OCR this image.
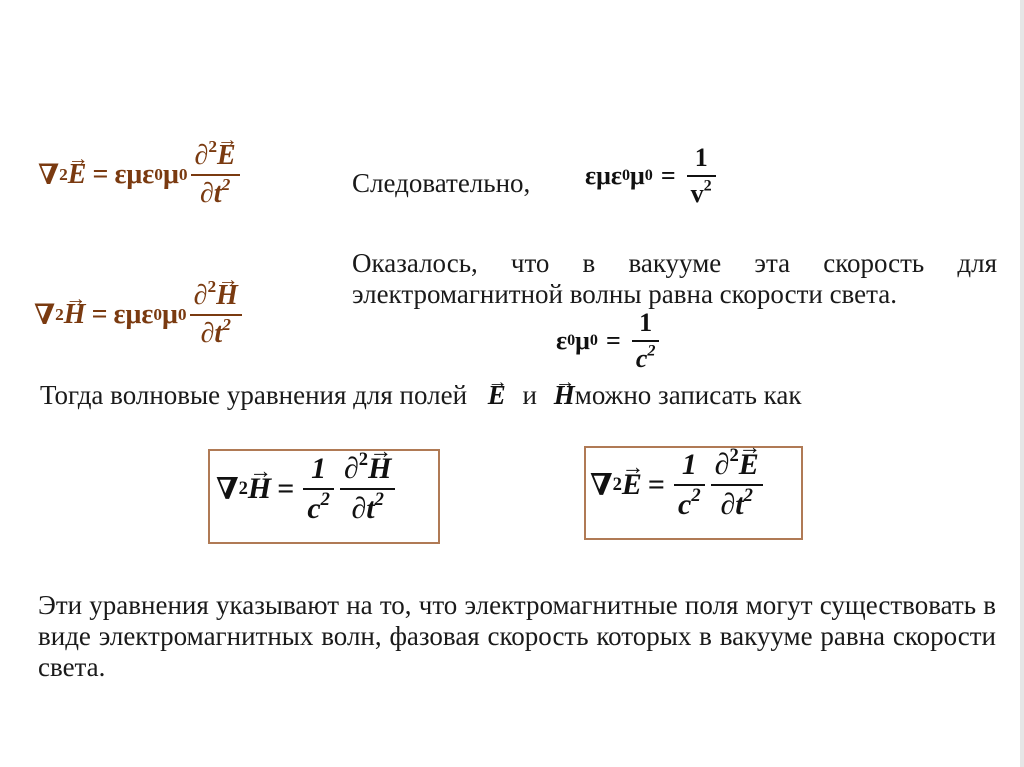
∇ 2
→ E = εμε 0 μ $0 \frac{\partial^2\to E}{\partial t^2}$
∇ 2
→ H = εμε 0 μ $0 \frac{\partial^2\to H}{\partial t^2}$
Следовательно, εμε 0 μ $0 = \frac{1}{v^2}$
Оказалось, что в вакууме эта скорость для электромагнитной волны равна скорости света.
ε 0 μ $0 = \frac{1}{c^2}$
Тогда волновые уравнения для полей → E и → Hможно записать как
∇ 2
→ $H = \frac{1}{c^2} \frac{\partial^2\to H}{\partial t^2}$	∇ 2
→ $E = \frac{1}{c^2} \frac{\partial^2\to E}{\partial t^2}$
Эти уравнения указывают на то, что электромагнитные поля могут существовать в виде электромагнитных волн, фазовая скорость которых в вакууме равна скорости света.
